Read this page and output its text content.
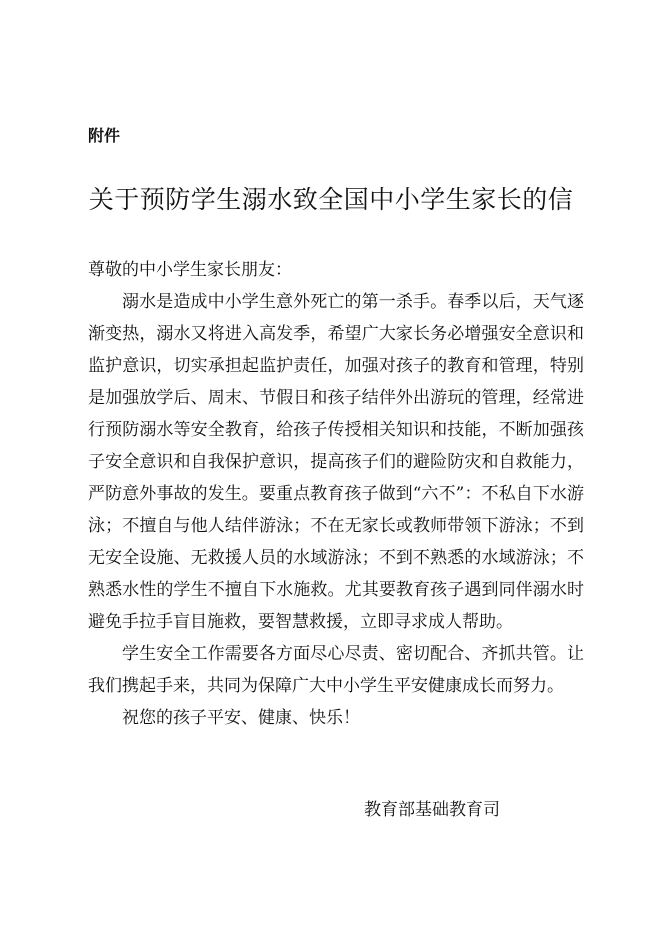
附件
关于预防学生溺水致全国中小学生家长的信

尊敬的中小学生家长朋友：

溺水是造成中小学生意外死亡的第一杀手。春季以后，天气逐渐变热，溺水又将进入高发季，希望广大家长务必增强安全意识和监护意识，切实承担起监护责任，加强对孩子的教育和管理，特别是加强放学后、周末、节假日和孩子结伴外出游玩的管理，经常进行预防溺水等安全教育，给孩子传授相关知识和技能，不断加强孩子安全意识和自我保护意识，提高孩子们的避险防灾和自救能力，严防意外事故的发生。要重点教育孩子做到“六不”：不私自下水游泳；不擅自与他人结伴游泳；不在无家长或教师带领下游泳；不到无安全设施、无救援人员的水域游泳；不到不熟悉的水域游泳；不熟悉水性的学生不擅自下水施救。尤其要教育孩子遇到同伴溺水时避免手拉手盲目施救，要智慧救援，立即寻求成人帮助。

学生安全工作需要各方面尽心尽责、密切配合、齐抓共管。让我们携起手来，共同为保障广大中小学生平安健康成长而努力。

祝您的孩子平安、健康、快乐！

教育部基础教育司
